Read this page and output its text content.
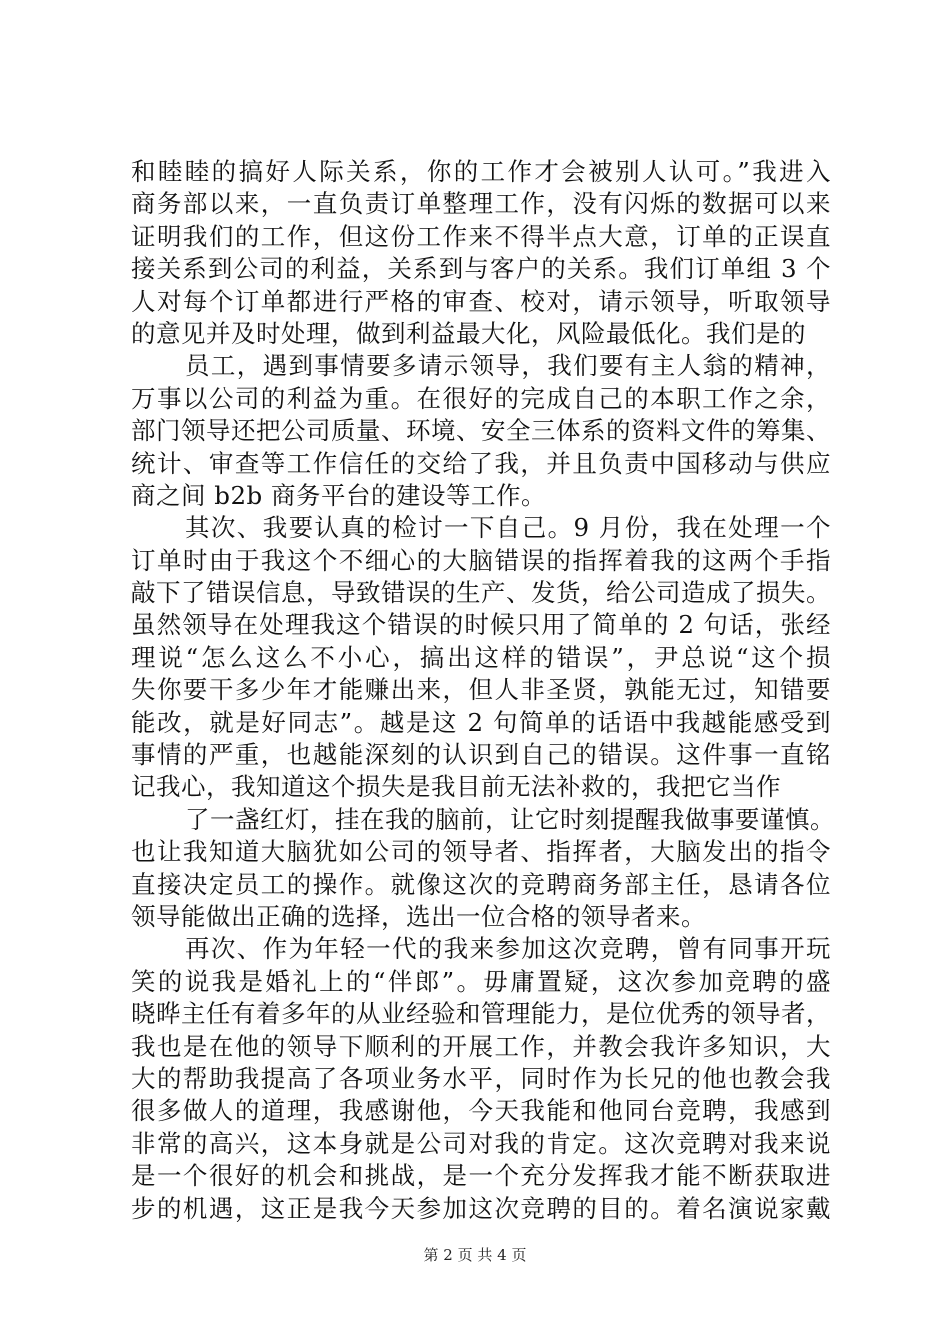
和睦睦的搞好人际关系，你的工作才会被别人认可。”我进入
商务部以来，一直负责订单整理工作，没有闪烁的数据可以来
证明我们的工作，但这份工作来不得半点大意，订单的正误直
接关系到公司的利益，关系到与客户的关系。我们订单组 3 个
人对每个订单都进行严格的审查、校对，请示领导，听取领导
的意见并及时处理，做到利益最大化，风险最低化。我们是的
员工，遇到事情要多请示领导，我们要有主人翁的精神，
万事以公司的利益为重。在很好的完成自己的本职工作之余，
部门领导还把公司质量、环境、安全三体系的资料文件的筹集、
统计、审查等工作信任的交给了我，并且负责中国移动与供应
商之间 b2b 商务平台的建设等工作。
其次、我要认真的检讨一下自己。9 月份，我在处理一个
订单时由于我这个不细心的大脑错误的指挥着我的这两个手指
敲下了错误信息，导致错误的生产、发货，给公司造成了损失。
虽然领导在处理我这个错误的时候只用了简单的 2 句话，张经
理说“怎么这么不小心，搞出这样的错误”，尹总说“这个损
失你要干多少年才能赚出来，但人非圣贤，孰能无过，知错要
能改，就是好同志”。越是这 2 句简单的话语中我越能感受到
事情的严重，也越能深刻的认识到自己的错误。这件事一直铭
记我心，我知道这个损失是我目前无法补救的，我把它当作
了一盏红灯，挂在我的脑前，让它时刻提醒我做事要谨慎。
也让我知道大脑犹如公司的领导者、指挥者，大脑发出的指令
直接决定员工的操作。就像这次的竞聘商务部主任，恳请各位
领导能做出正确的选择，选出一位合格的领导者来。
再次、作为年轻一代的我来参加这次竞聘，曾有同事开玩
笑的说我是婚礼上的“伴郎”。毋庸置疑，这次参加竞聘的盛
晓晔主任有着多年的从业经验和管理能力，是位优秀的领导者，
我也是在他的领导下顺利的开展工作，并教会我许多知识，大
大的帮助我提高了各项业务水平，同时作为长兄的他也教会我
很多做人的道理，我感谢他，今天我能和他同台竞聘，我感到
非常的高兴，这本身就是公司对我的肯定。这次竞聘对我来说
是一个很好的机会和挑战，是一个充分发挥我才能不断获取进
步的机遇，这正是我今天参加这次竞聘的目的。着名演说家戴
第 2 页 共 4 页
